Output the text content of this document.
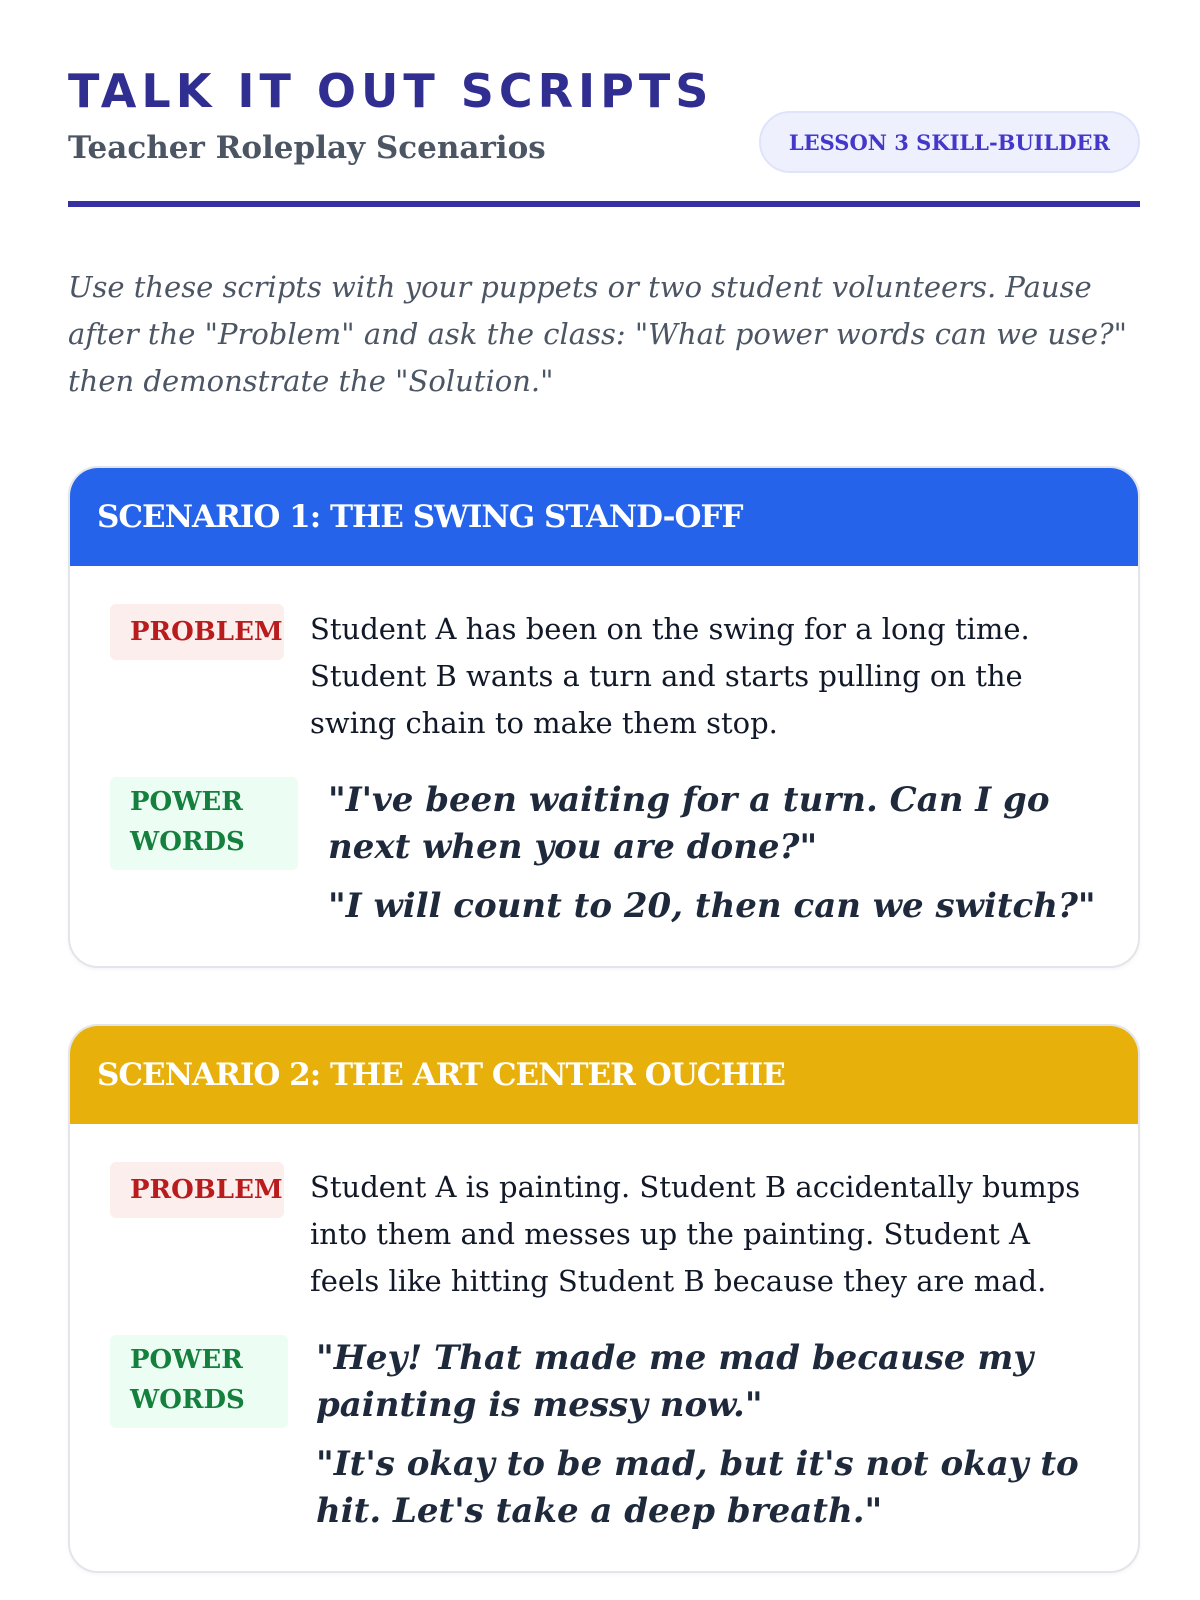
TALK IT OUT SCRIPTS
Teacher Roleplay Scenarios	LESSON 3 SKILL-BUILDER

Use these scripts with your puppets or two student volunteers. Pause after the "Problem" and ask the class: "What power words can we use?" then demonstrate the "Solution."

SCENARIO 1: THE SWING STAND-OFF
PROBLEM Student A has been on the swing for a long time. Student B wants a turn and starts pulling on the swing chain to make them stop.

POWER WORDS

"I've been waiting for a turn. Can I go next when you are done?"

"I will count to 20, then can we switch?"

SCENARIO 2: THE ART CENTER OUCHIE
PROBLEM Student A is painting. Student B accidentally bumps into them and messes up the painting. Student A feels like hitting Student B because they are mad.

POWER WORDS

"Hey! That made me mad because my painting is messy now."

"It's okay to be mad, but it's not okay to hit. Let's take a deep breath."
